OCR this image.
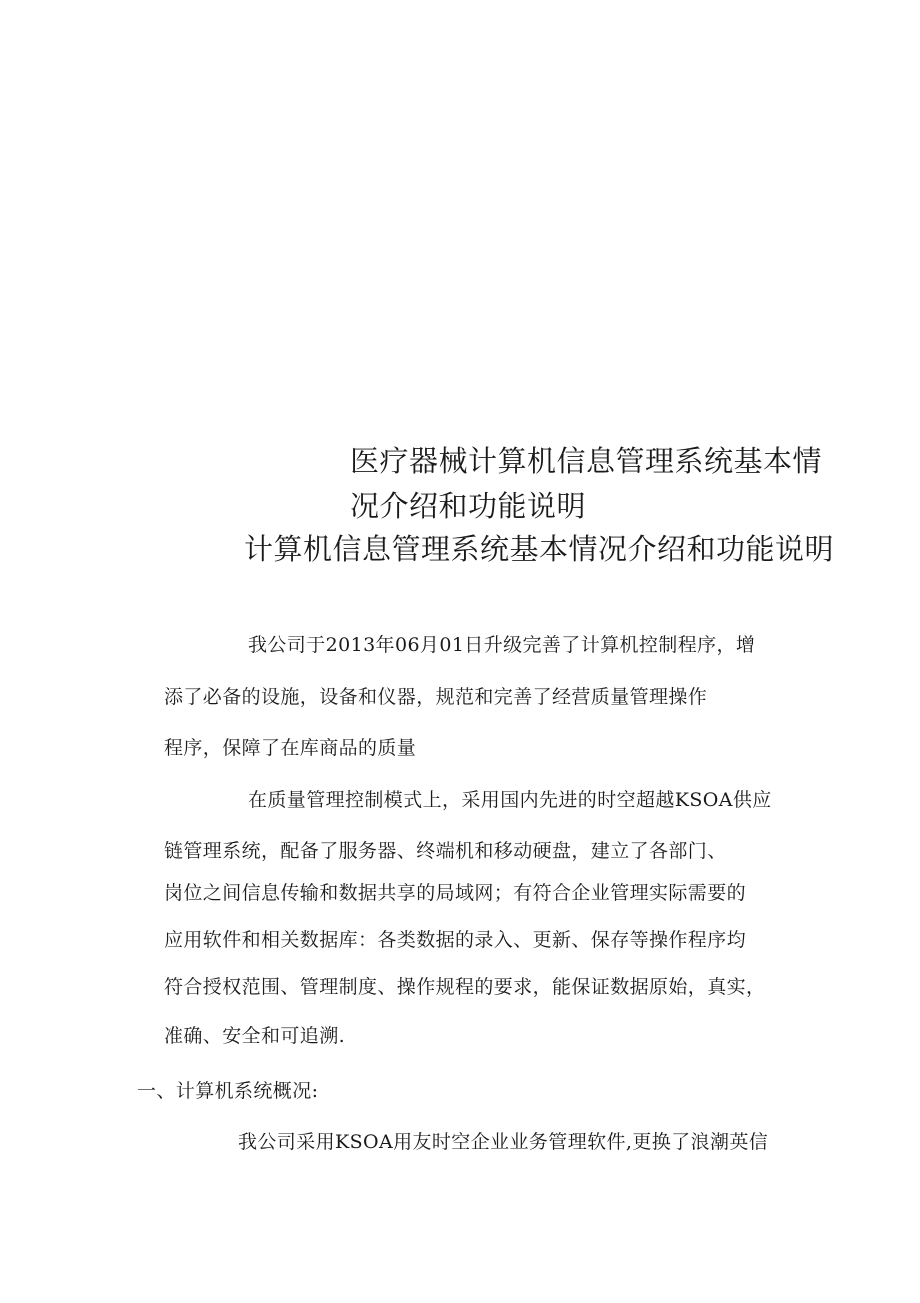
医疗器械计算机信息管理系统基本情
况介绍和功能说明
计算机信息管理系统基本情况介绍和功能说明
我公司于2013年06月01日升级完善了计算机控制程序，增
添了必备的设施，设备和仪器，规范和完善了经营质量管理操作
程序，保障了在库商品的质量
在质量管理控制模式上，采用国内先进的时空超越KSOA供应
链管理系统，配备了服务器、终端机和移动硬盘，建立了各部门、
岗位之间信息传输和数据共享的局域网；有符合企业管理实际需要的
应用软件和相关数据库：各类数据的录入、更新、保存等操作程序均
符合授权范围、管理制度、操作规程的要求，能保证数据原始，真实，
准确、安全和可追溯.
一、计算机系统概况:
我公司采用KSOA用友时空企业业务管理软件,更换了浪潮英信
